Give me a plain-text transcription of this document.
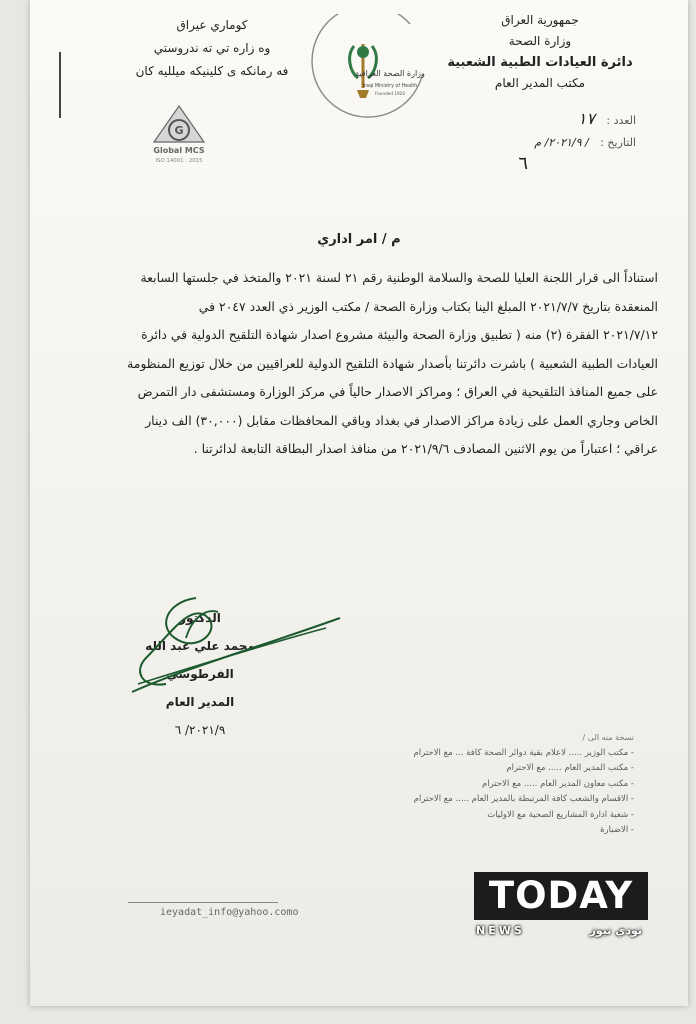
جمهورية العراق
وزارة الصحة
دائرة العيادات الطبية الشعبية
مكتب المدير العام
كوماري عيراق
وه زاره تي ته ندروستي
فه رمانكه ى كلينيكه ميلليه كان	وزارة الصحة العراقية
Iraqi Ministry of Health
Founded 1920
G
Global MCS
ISO 14001 : 2015
العدد : ١٧
التاريخ : / ٢٠٢١/٩/ م
٦
م / امر اداري
استناداً الى قرار اللجنة العليا للصحة والسلامة الوطنية رقم ٢١ لسنة ٢٠٢١ والمتخذ في جلستها السابعة
المنعقدة بتاريخ ٢٠٢١/٧/٧ المبلغ الينا بكتاب وزارة الصحة / مكتب الوزير ذي العدد ٢٠٤٧ في
٢٠٢١/٧/١٢ الفقرة (٢) منه ( تطبيق وزارة الصحة والبيئة مشروع اصدار شهادة التلقيح الدولية في دائرة
العيادات الطبية الشعبية ) باشرت دائرتنا بأصدار شهادة التلقيح الدولية للعراقيين من خلال توزيع المنظومة
على جميع المنافذ التلقيحية في العراق ؛ ومراكز الاصدار حالياً في مركز الوزارة ومستشفى دار التمرض
الخاص وجاري العمل على زيادة مراكز الاصدار في بغداد وباقي المحافظات مقابل (٣٠,٠٠٠) الف دينار
عراقي ؛ اعتباراً من يوم الاثنين المصادف ٢٠٢١/٩/٦ من منافذ اصدار البطاقة التابعة لدائرتنا .
الدكتور
محمد علي عبد الله الفرطوسي
المدير العام
٢٠٢١/٩/ ٦
نسخة منه الى /
- مكتب الوزير ..... لاعلام بقية دوائر الصحة كافة ... مع الاحترام
- مكتب المدير العام ..... مع الاحترام
- مكتب معاون المدير العام ..... مع الاحترام
- الاقسام والشعب كافة المرتبطة بالمدير العام ..... مع الاحترام
- شعبة ادارة المشاريع الصحية مع الاوليات
- الاضبارة
ieyadat_info@yahoo.como	TODAY
NEWS	تودي نيوز
